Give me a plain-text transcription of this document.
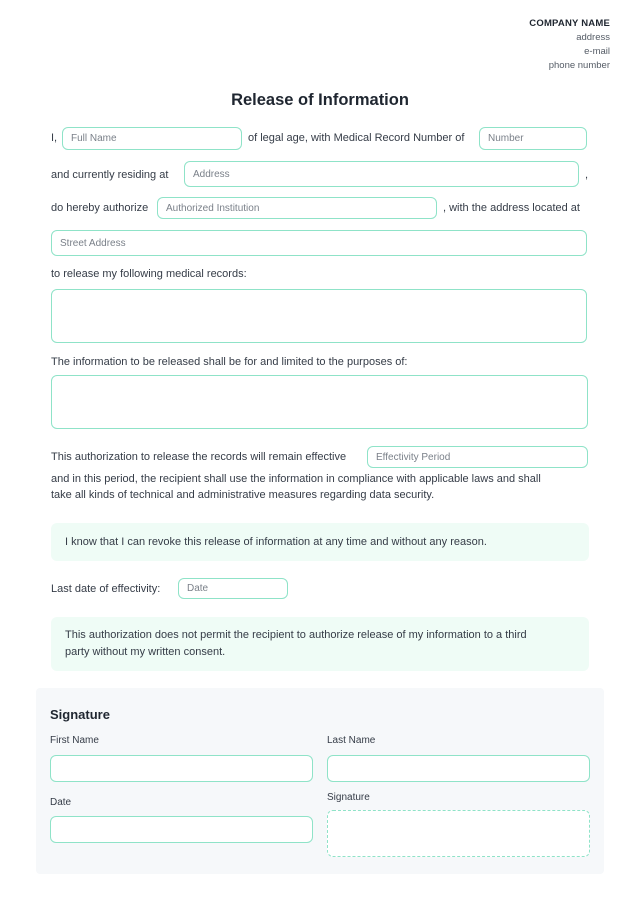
COMPANY NAME
address
e-mail
phone number
Release of Information
I,
Full Name	of legal age, with Medical Record Number of
Number
and currently residing at
Address	,
do hereby authorize
Authorized Institution	, with the address located at
Street Address
to release my following medical records:
The information to be released shall be for and limited to the purposes of:
This authorization to release the records will remain effective
Effectivity Period
and in this period, the recipient shall use the information in compliance with applicable laws and shall
take all kinds of technical and administrative measures regarding data security.
I know that I can revoke this release of information at any time and without any reason.
Last date of effectivity:
Date
This authorization does not permit the recipient to authorize release of my information to a third
party without my written consent.
Signature
First Name	Last Name
Date	Signature
